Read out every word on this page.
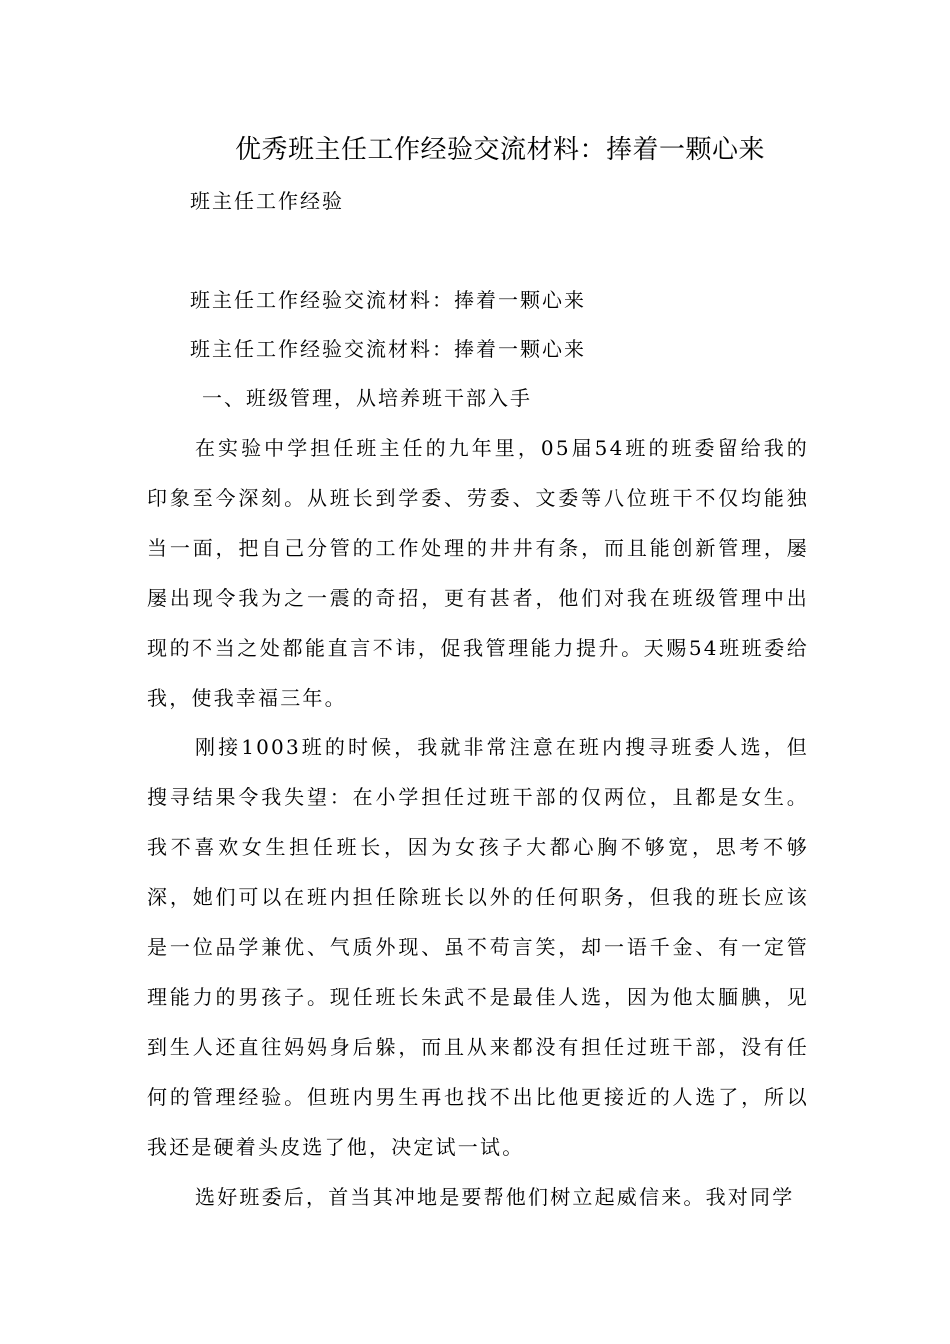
优秀班主任工作经验交流材料：捧着一颗心来
班主任工作经验
班主任工作经验交流材料：捧着一颗心来
班主任工作经验交流材料：捧着一颗心来
一、班级管理，从培养班干部入手

在实验中学担任班主任的九年里，05届54班的班委留给我的印象至今深刻。从班长到学委、劳委、文委等八位班干不仅均能独当一面，把自己分管的工作处理的井井有条，而且能创新管理，屡屡出现令我为之一震的奇招，更有甚者，他们对我在班级管理中出现的不当之处都能直言不讳，促我管理能力提升。天赐54班班委给我，使我幸福三年。

刚接1003班的时候，我就非常注意在班内搜寻班委人选，但搜寻结果令我失望：在小学担任过班干部的仅两位，且都是女生。我不喜欢女生担任班长，因为女孩子大都心胸不够宽，思考不够深，她们可以在班内担任除班长以外的任何职务，但我的班长应该是一位品学兼优、气质外现、虽不苟言笑，却一语千金、有一定管理能力的男孩子。现任班长朱武不是最佳人选，因为他太腼腆，见到生人还直往妈妈身后躲，而且从来都没有担任过班干部，没有任何的管理经验。但班内男生再也找不出比他更接近的人选了，所以我还是硬着头皮选了他，决定试一试。

选好班委后，首当其冲地是要帮他们树立起威信来。我对同学
